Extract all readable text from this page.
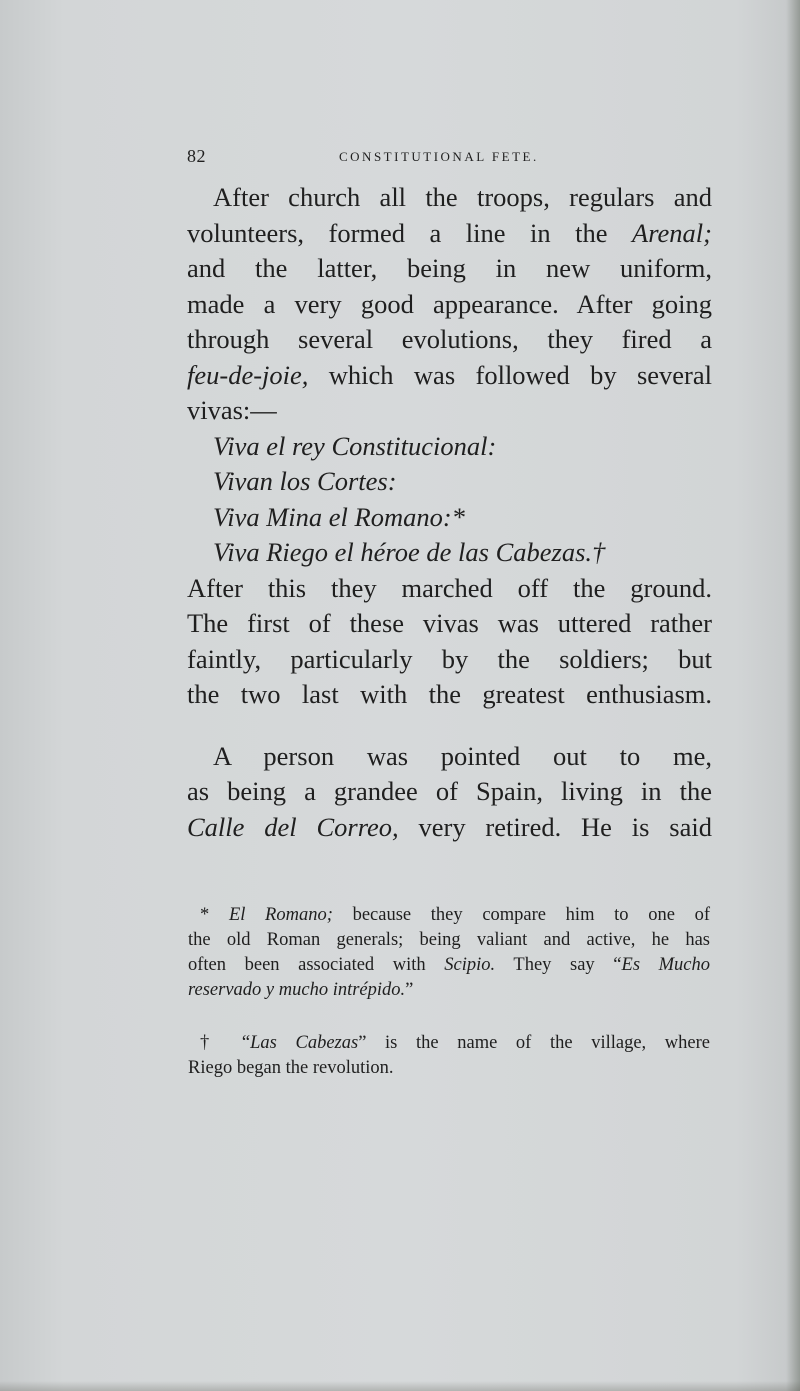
82	CONSTITUTIONAL FETE.
After church all the troops, regulars and
volunteers, formed a line in the Arenal;
and the latter, being in new uniform,
made a very good appearance. After going
through several evolutions, they fired a
feu-de-joie, which was followed by several
vivas:—
Viva el rey Constitucional:
Vivan los Cortes:
Viva Mina el Romano:*
Viva Riego el héroe de las Cabezas.†
After this they marched off the ground.
The first of these vivas was uttered rather
faintly, particularly by the soldiers; but
the two last with the greatest enthusiasm.
A person was pointed out to me,
as being a grandee of Spain, living in the
Calle del Correo, very retired. He is said
* El Romano; because they compare him to one of
the old Roman generals; being valiant and active, he has
often been associated with Scipio. They say “Es Mucho
reservado y mucho intrépido.”
† “Las Cabezas” is the name of the village, where
Riego began the revolution.
